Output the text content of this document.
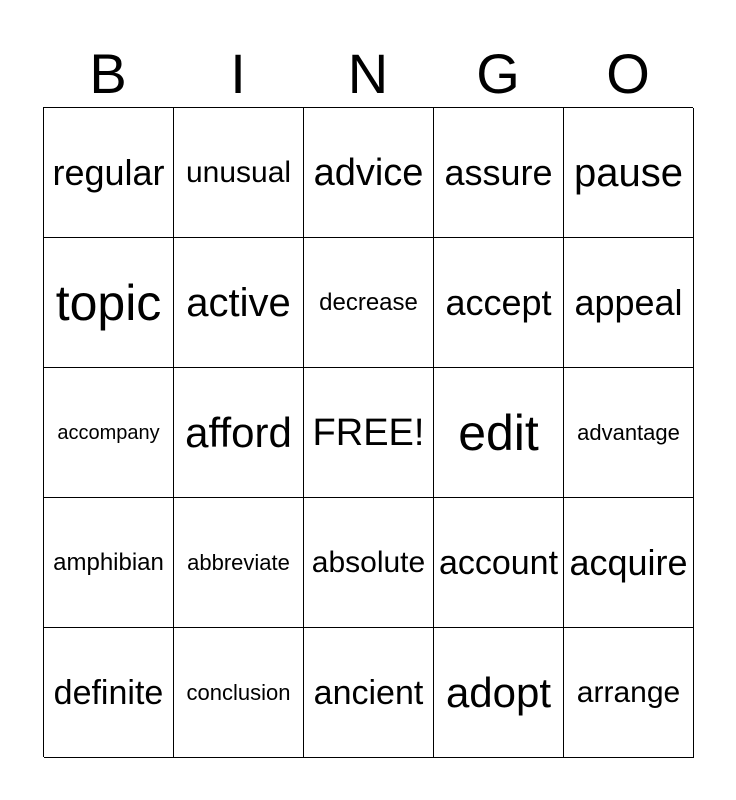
B	I	N	G	O
regular unusual advice assure pause
topic active	decrease accept appeal
accompany afford FREE! edit	advantage
amphibian	abbreviate absolute account acquire
definite	conclusion ancient adopt arrange
